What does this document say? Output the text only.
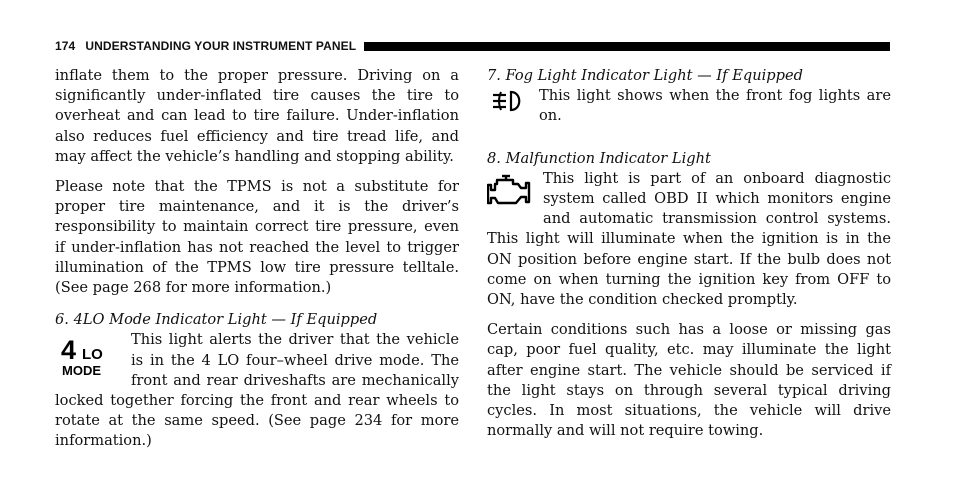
174 UNDERSTANDING YOUR INSTRUMENT PANEL

inflate them to the proper pressure. Driving on a significantly under-inflated tire causes the tire to overheat and can lead to tire failure. Under-inflation also reduces fuel efficiency and tire tread life, and may affect the vehicle’s handling and stopping ability.

Please note that the TPMS is not a substitute for proper tire maintenance, and it is the driver’s responsibility to maintain correct tire pressure, even if under-inflation has not reached the level to trigger illumination of the TPMS low tire pressure telltale. (See page 268 for more information.)

6. 4LO Mode Indicator Light — If Equipped

4 LO
MODE

This light alerts the driver that the vehicle is in the 4 LO four–wheel drive mode. The front and rear driveshafts are mechanically locked together forcing the front and rear wheels to rotate at the same speed. (See page 234 for more information.)

7. Fog Light Indicator Light — If Equipped

This light shows when the front fog lights are on.

8. Malfunction Indicator Light

This light is part of an onboard diagnostic system called OBD II which monitors engine and automatic transmission control systems. This light will illuminate when the ignition is in the ON position before engine start. If the bulb does not come on when turning the ignition key from OFF to ON, have the condition checked promptly.

Certain conditions such has a loose or missing gas cap, poor fuel quality, etc. may illuminate the light after engine start. The vehicle should be serviced if the light stays on through several typical driving cycles. In most situations, the vehicle will drive normally and will not require towing.
